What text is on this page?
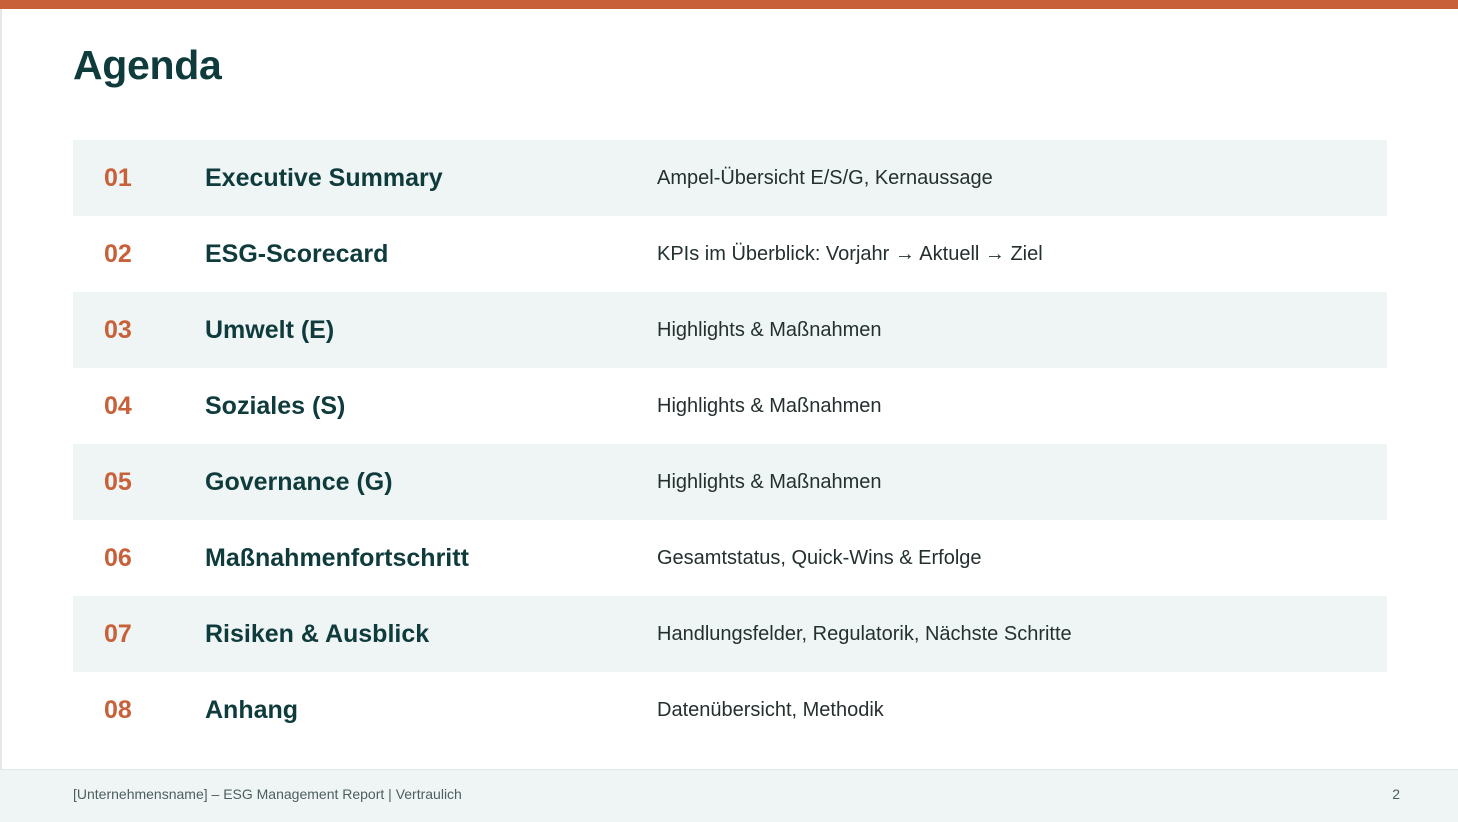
Agenda
01	Executive Summary	Ampel-Übersicht E/S/G, Kernaussage
02	ESG-Scorecard	KPIs im Überblick: Vorjahr → Aktuell → Ziel
03	Umwelt (E)	Highlights & Maßnahmen
04	Soziales (S)	Highlights & Maßnahmen
05	Governance (G)	Highlights & Maßnahmen
06	Maßnahmenfortschritt	Gesamtstatus, Quick-Wins & Erfolge
07	Risiken & Ausblick	Handlungsfelder, Regulatorik, Nächste Schritte
08	Anhang	Datenübersicht, Methodik
[Unternehmensname] – ESG Management Report | Vertraulich	2
